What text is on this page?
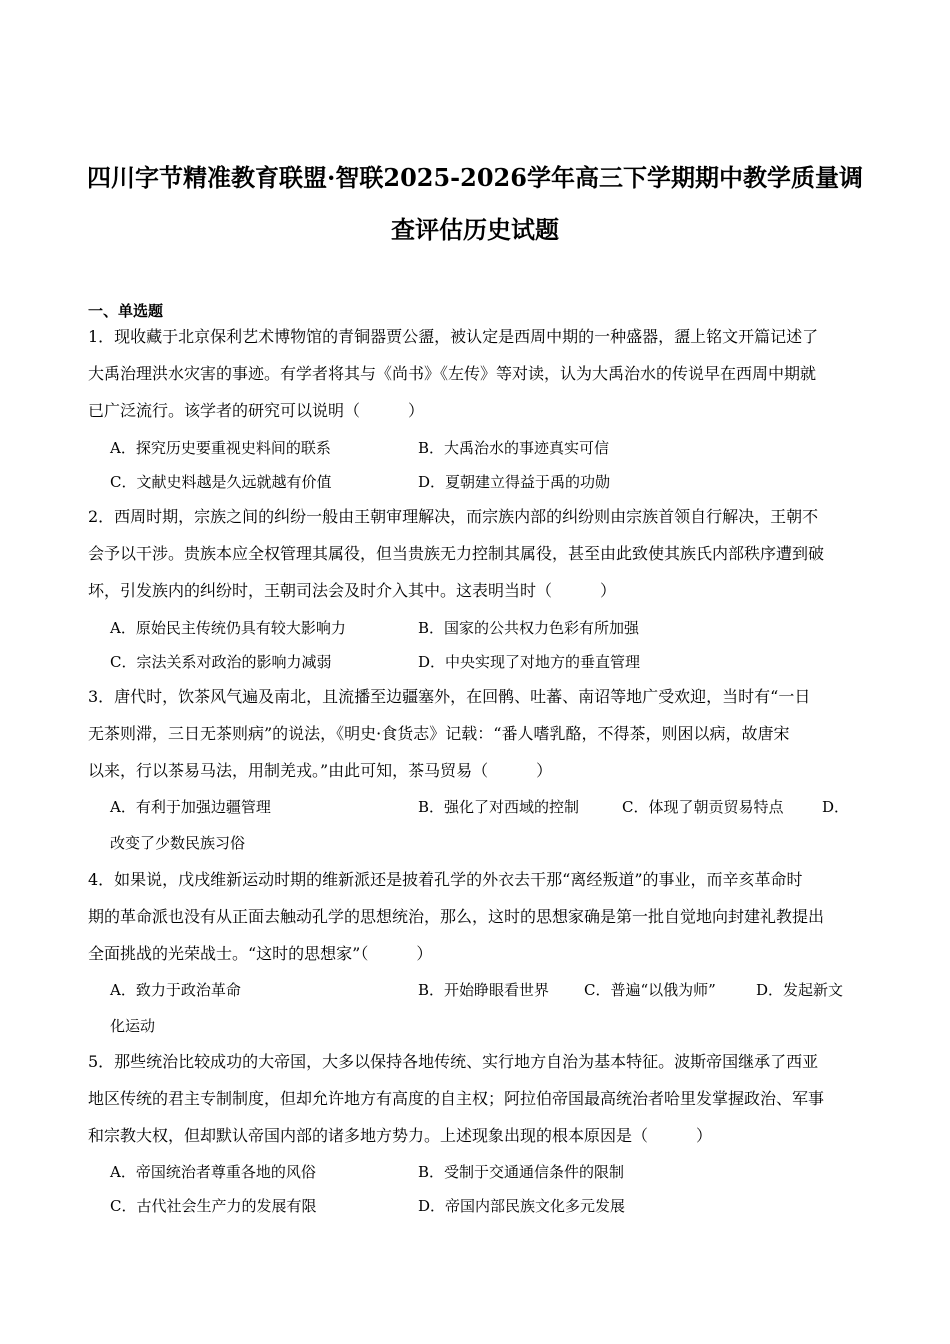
四川字节精准教育联盟·智联2025-2026学年高三下学期期中教学质量调
查评估历史试题
一、单选题
1．现收藏于北京保利艺术博物馆的青铜器贾公盨，被认定是西周中期的一种盛器，盨上铭文开篇记述了
大禹治理洪水灾害的事迹。有学者将其与《尚书》《左传》等对读，认为大禹治水的传说早在西周中期就
已广泛流行。该学者的研究可以说明（　　　）
A．探究历史要重视史料间的联系	B．大禹治水的事迹真实可信
C．文献史料越是久远就越有价值	D．夏朝建立得益于禹的功勋
2．西周时期，宗族之间的纠纷一般由王朝审理解决，而宗族内部的纠纷则由宗族首领自行解决，王朝不
会予以干涉。贵族本应全权管理其属役，但当贵族无力控制其属役，甚至由此致使其族氏内部秩序遭到破
坏，引发族内的纠纷时，王朝司法会及时介入其中。这表明当时（　　　）
A．原始民主传统仍具有较大影响力	B．国家的公共权力色彩有所加强
C．宗法关系对政治的影响力减弱	D．中央实现了对地方的垂直管理
3．唐代时，饮茶风气遍及南北，且流播至边疆塞外，在回鹘、吐蕃、南诏等地广受欢迎，当时有“一日
无茶则滞，三日无茶则病”的说法，《明史·食货志》记载：“番人嗜乳酪，不得茶，则困以病，故唐宋
以来，行以茶易马法，用制羌戎。”由此可知，茶马贸易（　　　）
A．有利于加强边疆管理	B．强化了对西域的控制	C．体现了朝贡贸易特点	D．
改变了少数民族习俗
4．如果说，戊戌维新运动时期的维新派还是披着孔学的外衣去干那“离经叛道”的事业，而辛亥革命时
期的革命派也没有从正面去触动孔学的思想统治，那么，这时的思想家确是第一批自觉地向封建礼教提出
全面挑战的光荣战士。“这时的思想家”（　　　）
A．致力于政治革命	B．开始睁眼看世界 C．普遍“以俄为师”	D．发起新文
化运动
5．那些统治比较成功的大帝国，大多以保持各地传统、实行地方自治为基本特征。波斯帝国继承了西亚
地区传统的君主专制制度，但却允许地方有高度的自主权；阿拉伯帝国最高统治者哈里发掌握政治、军事
和宗教大权，但却默认帝国内部的诸多地方势力。上述现象出现的根本原因是（　　　）
A．帝国统治者尊重各地的风俗	B．受制于交通通信条件的限制
C．古代社会生产力的发展有限	D．帝国内部民族文化多元发展
